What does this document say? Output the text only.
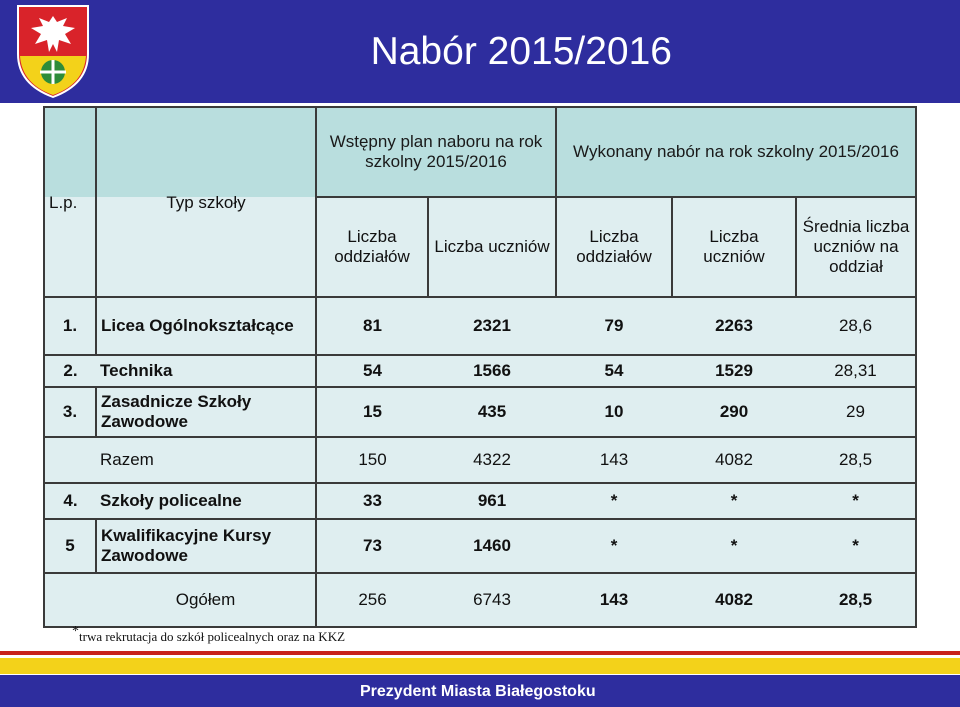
Nabór 2015/2016
		Wstępny plan naboru na rok szkolny 2015/2016		Wykonany nabór na rok szkolny 2015/2016		
L.p.	Typ szkoły	Liczba oddziałów	Liczba uczniów	Liczba oddziałów	Liczba uczniów	Średnia liczba uczniów na oddział
1.	Licea Ogólnokształcące	81	2321	79	2263	28,6
2.	Technika	54	1566	54	1529	28,31
3.	Zasadnicze Szkoły Zawodowe	15	435	10	290	29
	Razem	150	4322	143	4082	28,5
4.	Szkoły policealne	33	961	*	*	*
5	Kwalifikacyjne Kursy Zawodowe	73	1460	*	*	*
	Ogółem	256	6743	143	4082	28,5
*trwa rekrutacja do szkół policealnych oraz na KKZ
Prezydent Miasta Białegostoku
